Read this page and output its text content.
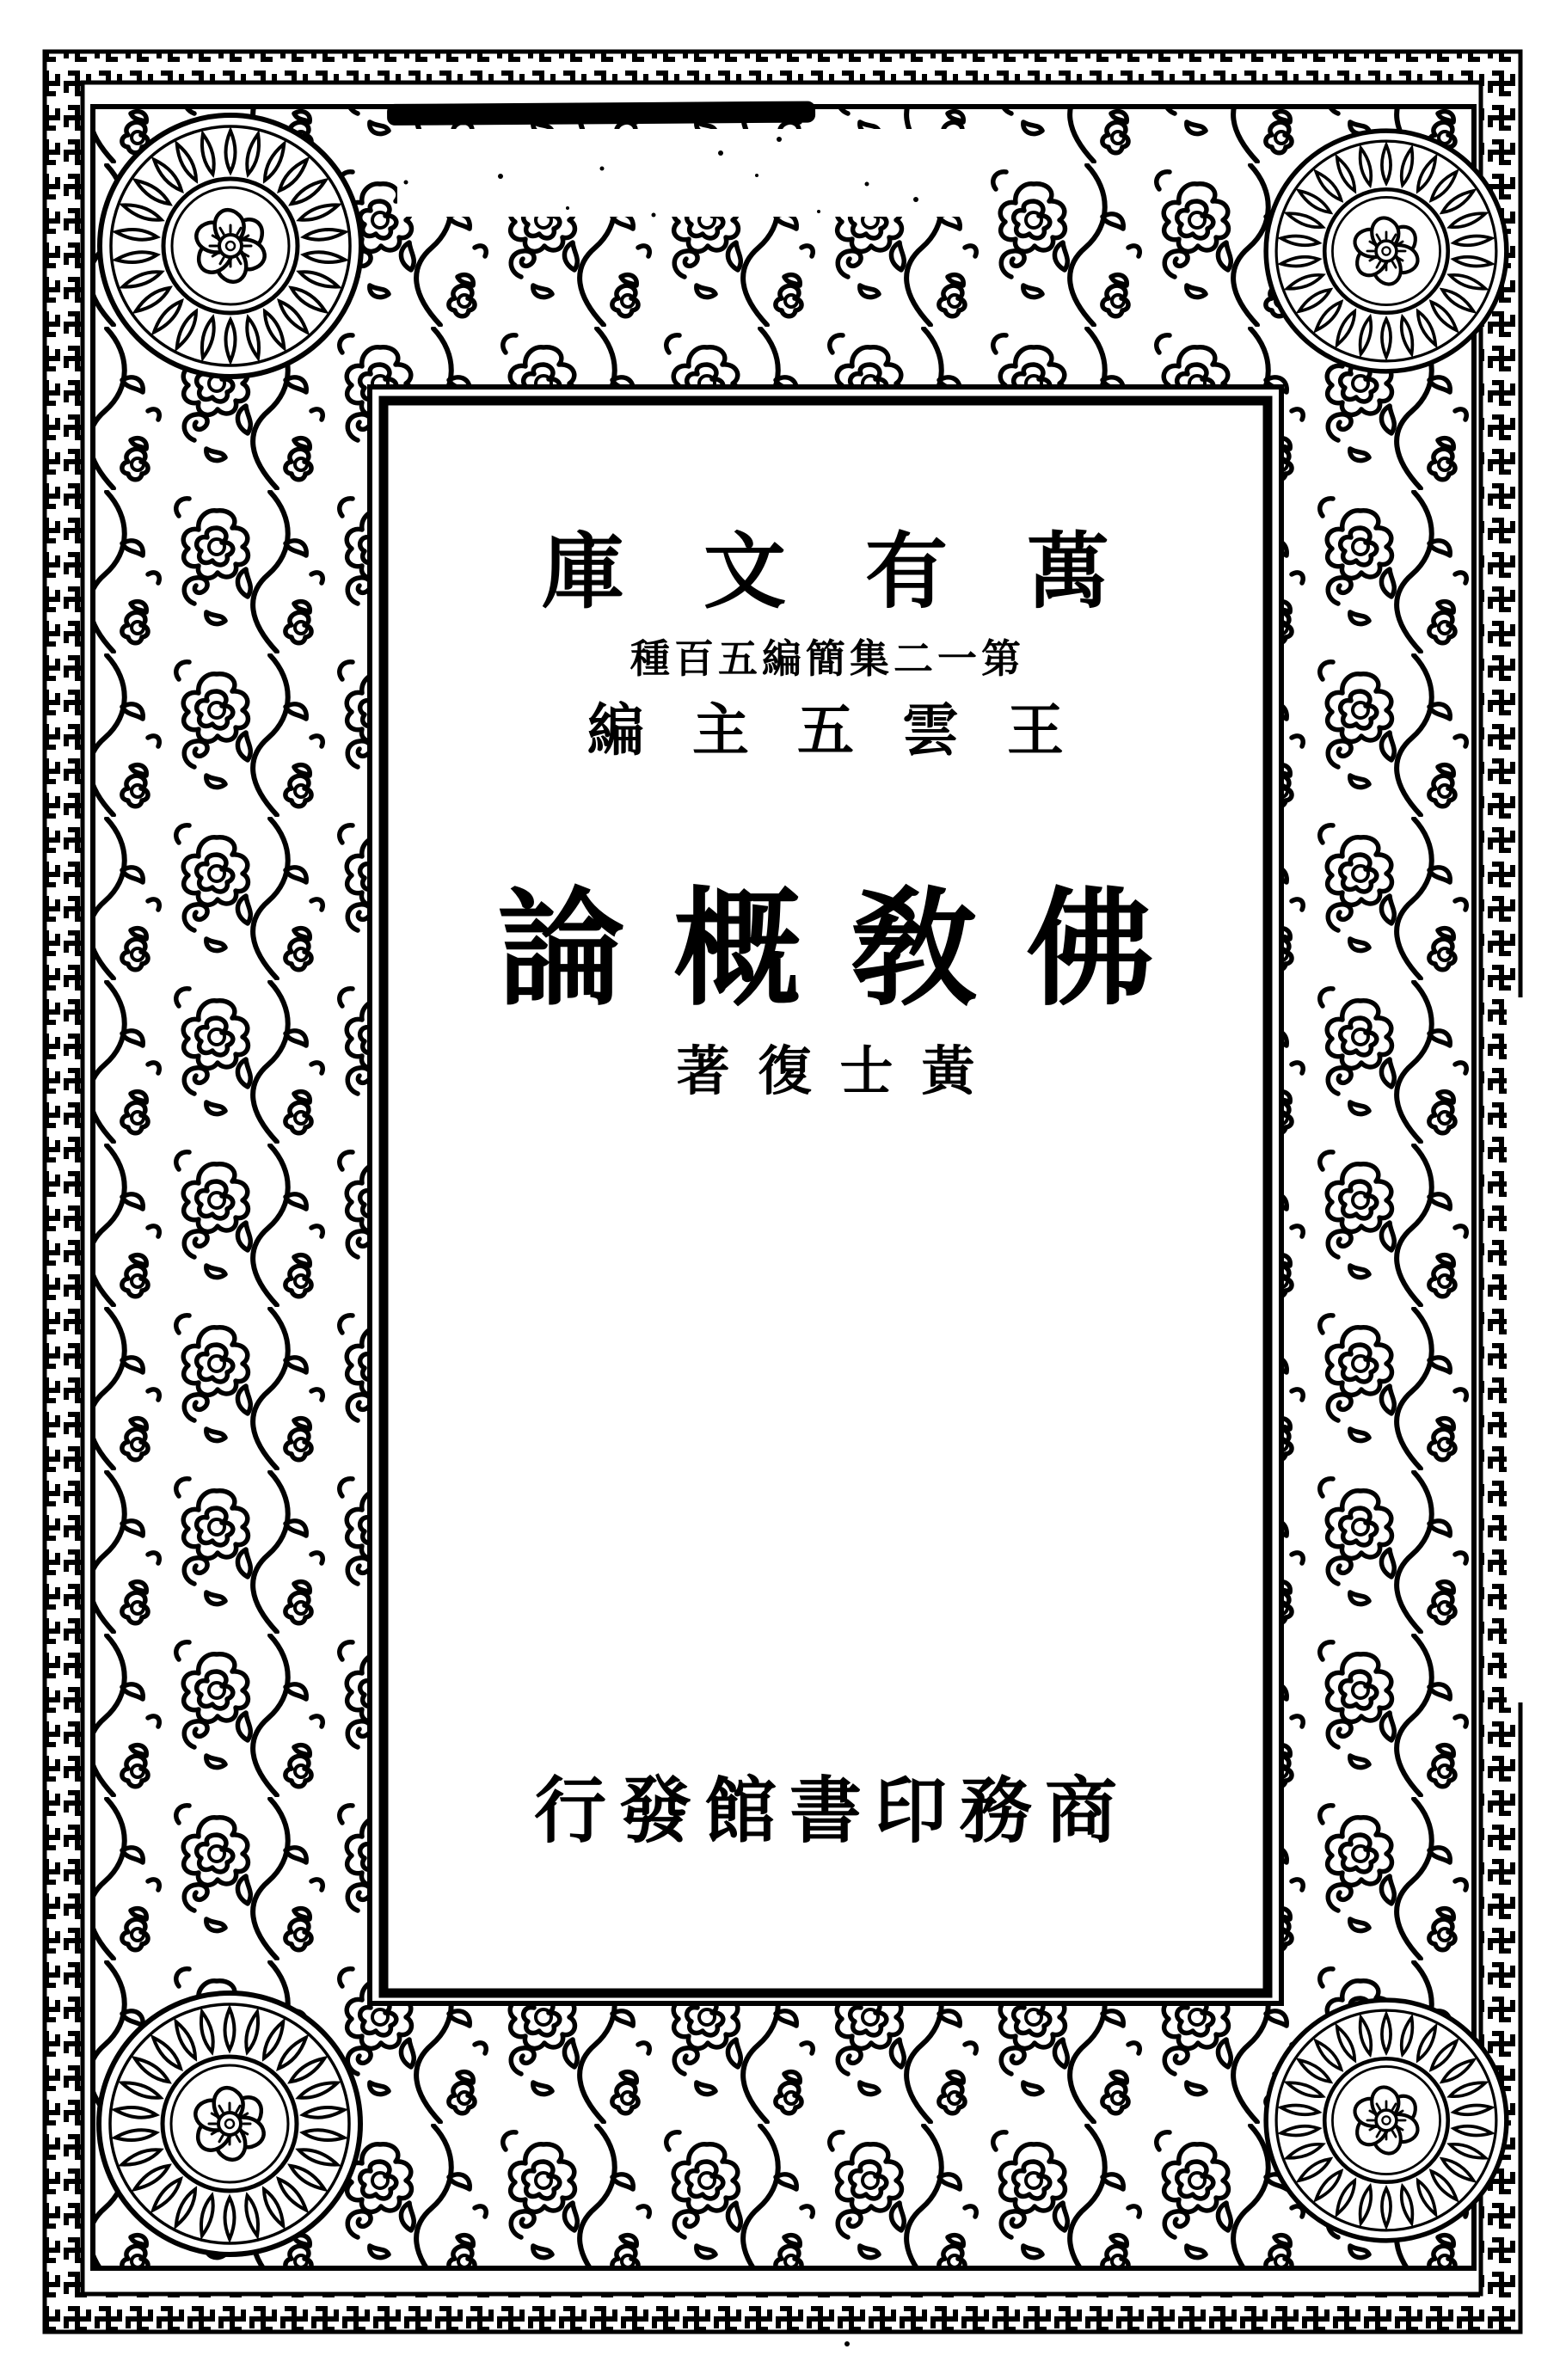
庫文有萬
種百五編簡集二一第
編主五雲王
論概敎佛
著復士黃
行發館書印務商
